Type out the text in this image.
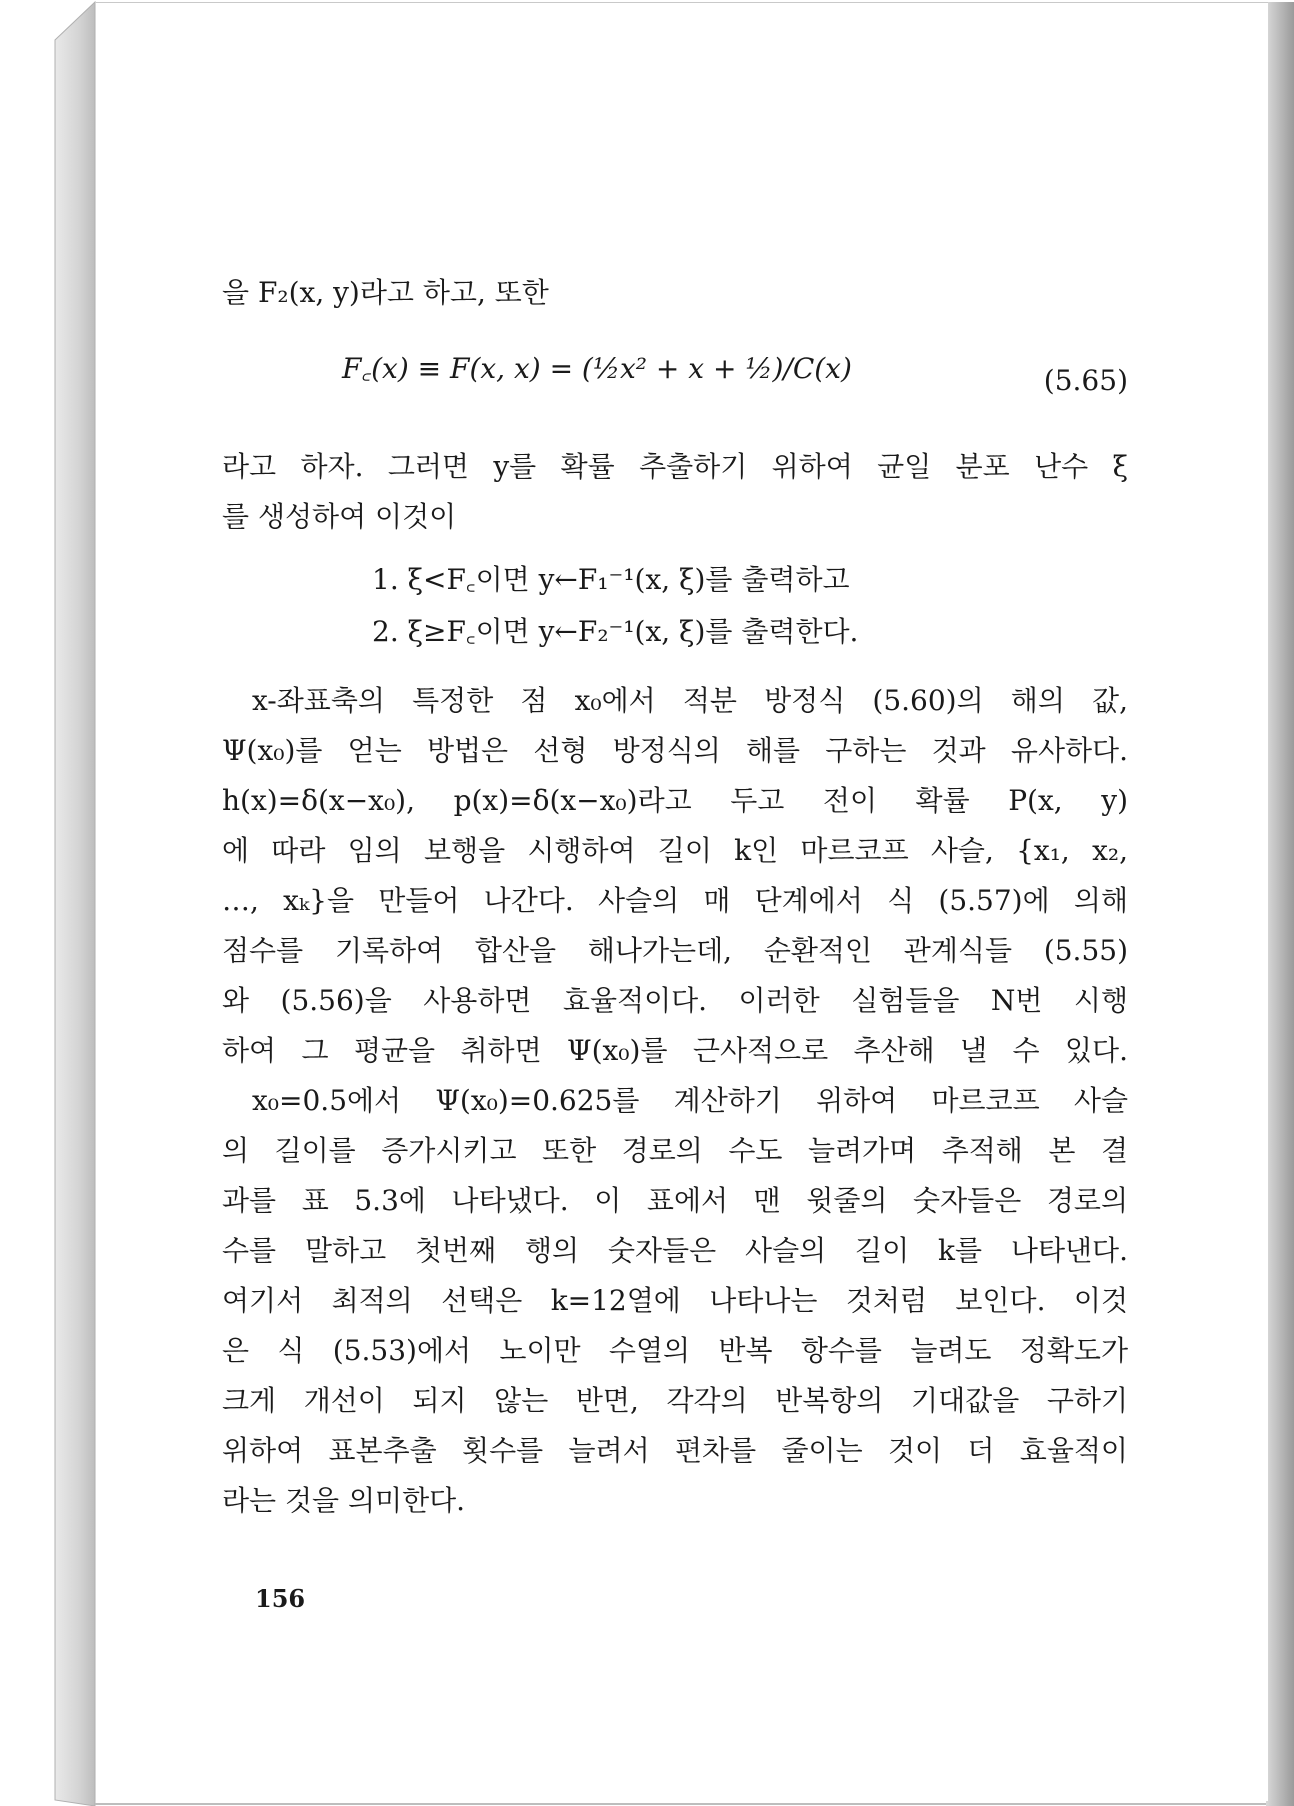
을 F₂(x, y)라고 하고, 또한
F꜀(x) ≡ F(x, x) = (½x² + x + ½)/C(x)	(5.65)
라고 하자. 그러면 y를 확률 추출하기 위하여 균일 분포 난수 ξ
를 생성하여 이것이
1. ξ<F꜀이면 y←F₁⁻¹(x, ξ)를 출력하고
2. ξ≥F꜀이면 y←F₂⁻¹(x, ξ)를 출력한다.
x-좌표축의 특정한 점 x₀에서 적분 방정식 (5.60)의 해의 값,
Ψ(x₀)를 얻는 방법은 선형 방정식의 해를 구하는 것과 유사하다.
h(x)=δ(x−x₀), p(x)=δ(x−x₀)라고 두고 전이 확률 P(x, y)
에 따라 임의 보행을 시행하여 길이 k인 마르코프 사슬, {x₁, x₂,
…, xₖ}을 만들어 나간다. 사슬의 매 단계에서 식 (5.57)에 의해
점수를 기록하여 합산을 해나가는데, 순환적인 관계식들 (5.55)
와 (5.56)을 사용하면 효율적이다. 이러한 실험들을 N번 시행
하여 그 평균을 취하면 Ψ(x₀)를 근사적으로 추산해 낼 수 있다.
x₀=0.5에서 Ψ(x₀)=0.625를 계산하기 위하여 마르코프 사슬
의 길이를 증가시키고 또한 경로의 수도 늘려가며 추적해 본 결
과를 표 5.3에 나타냈다. 이 표에서 맨 윗줄의 숫자들은 경로의
수를 말하고 첫번째 행의 숫자들은 사슬의 길이 k를 나타낸다.
여기서 최적의 선택은 k=12열에 나타나는 것처럼 보인다. 이것
은 식 (5.53)에서 노이만 수열의 반복 항수를 늘려도 정확도가
크게 개선이 되지 않는 반면, 각각의 반복항의 기대값을 구하기
위하여 표본추출 횟수를 늘려서 편차를 줄이는 것이 더 효율적이
라는 것을 의미한다.
156
